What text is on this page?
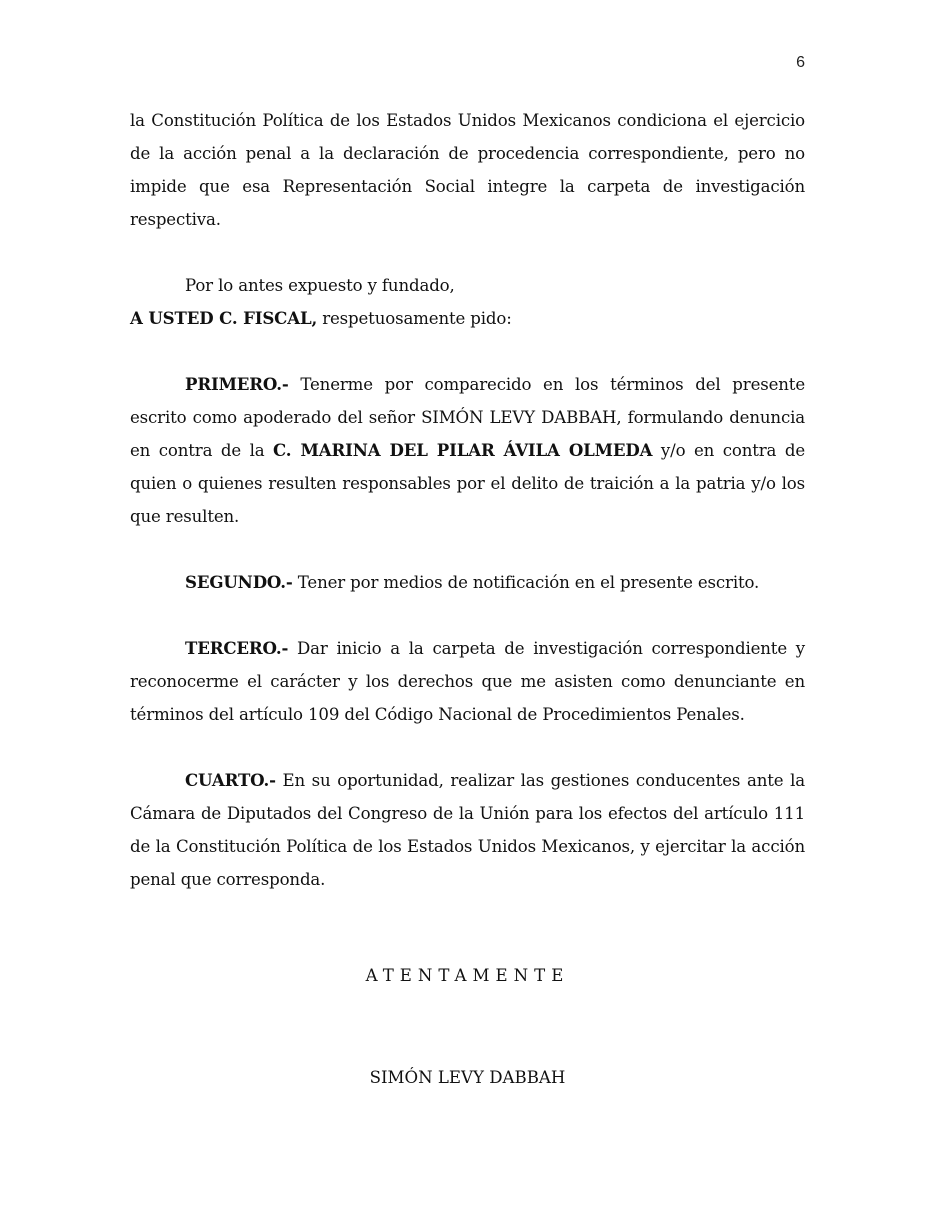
6

la Constitución Política de los Estados Unidos Mexicanos condiciona el ejercicio de la acción penal a la declaración de procedencia correspondiente, pero no impide que esa Representación Social integre la carpeta de investigación respectiva.

Por lo antes expuesto y fundado,

A USTED C. FISCAL, respetuosamente pido:

PRIMERO.- Tenerme por comparecido en los términos del presente escrito como apoderado del señor SIMÓN LEVY DABBAH, formulando denuncia en contra de la C. MARINA DEL PILAR ÁVILA OLMEDA y/o en contra de quien o quienes resulten responsables por el delito de traición a la patria y/o los que resulten.

SEGUNDO.- Tener por medios de notificación en el presente escrito.

TERCERO.- Dar inicio a la carpeta de investigación correspondiente y reconocerme el carácter y los derechos que me asisten como denunciante en términos del artículo 109 del Código Nacional de Procedimientos Penales.

CUARTO.- En su oportunidad, realizar las gestiones conducentes ante la Cámara de Diputados del Congreso de la Unión para los efectos del artículo 111 de la Constitución Política de los Estados Unidos Mexicanos, y ejercitar la acción penal que corresponda.

ATENTAMENTE
SIMÓN LEVY DABBAH
